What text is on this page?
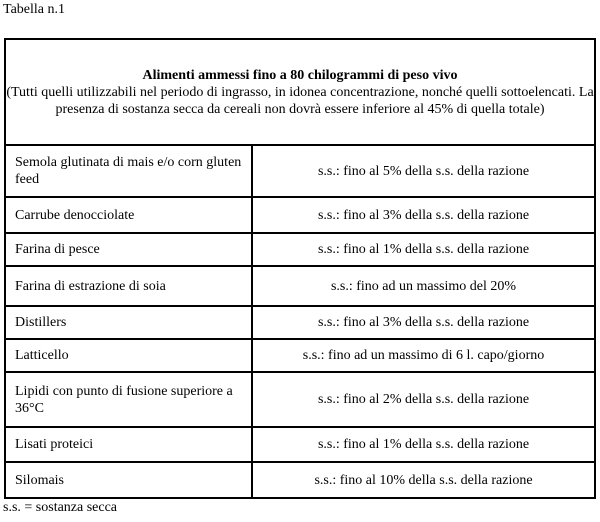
Tabella n.1
Alimenti ammessi fino a 80 chilogrammi di peso vivo
(Tutti quelli utilizzabili nel periodo di ingrasso, in idonea concentrazione, nonché quelli sottoelencati. La presenza di sostanza secca da cereali non dovrà essere inferiore al 45% di quella totale)	

Semola glutinata di mais e/o corn gluten feed	s.s.: fino al 5% della s.s. della razione
Carrube denocciolate	s.s.: fino al 3% della s.s. della razione
Farina di pesce	s.s.: fino al 1% della s.s. della razione
Farina di estrazione di soia	s.s.: fino ad un massimo del 20%
Distillers	s.s.: fino al 3% della s.s. della razione
Latticello	s.s.: fino ad un massimo di 6 l. capo/giorno
Lipidi con punto di fusione superiore a 36°C	s.s.: fino al 2% della s.s. della razione
Lisati proteici	s.s.: fino al 1% della s.s. della razione
Silomais	s.s.: fino al 10% della s.s. della razione
s.s. = sostanza secca
